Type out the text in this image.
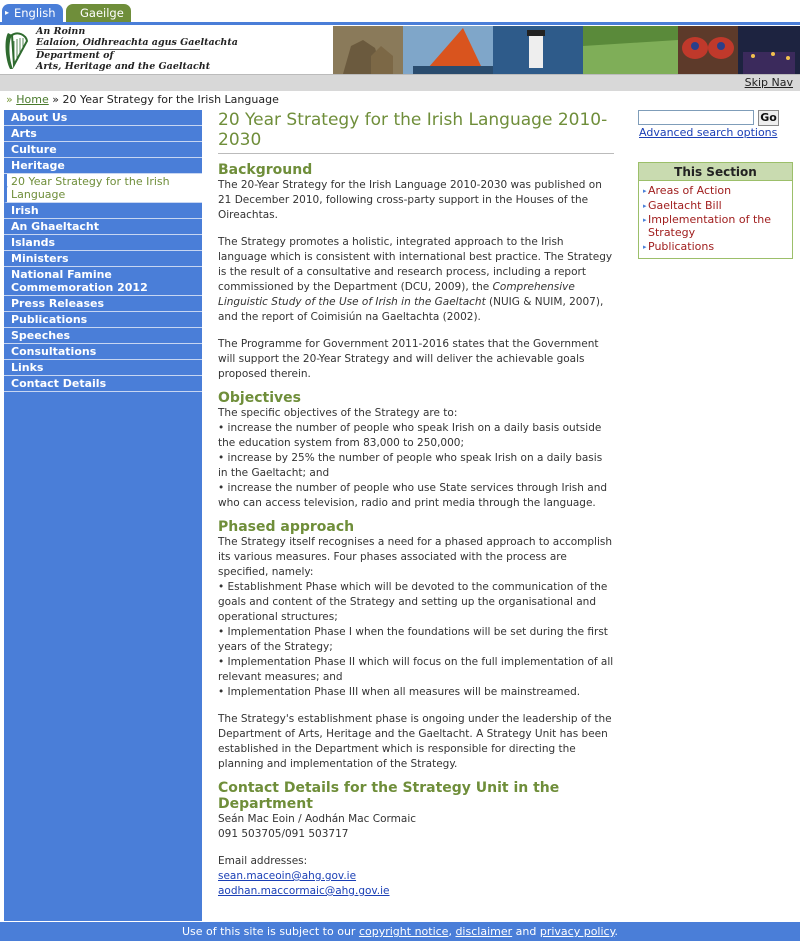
▸ English	Gaeilge
An Roinn
Ealaíon, Oidhreachta agus Gaeltachta
Department of
Arts, Heritage and the Gaeltacht
Skip Nav
» Home » 20 Year Strategy for the Irish Language
About Us
Arts
Culture
Heritage
▸ 20 Year Strategy for the Irish Language
Irish
An Ghaeltacht
Islands
Ministers
National Famine Commemoration 2012
Press Releases
Publications
Speeches
Consultations
Links
Contact Details
20 Year Strategy for the Irish Language 2010-2030
Background

The 20-Year Strategy for the Irish Language 2010-2030 was published on 21 December 2010, following cross-party support in the Houses of the Oireachtas.

The Strategy promotes a holistic, integrated approach to the Irish language which is consistent with international best practice. The Strategy is the result of a consultative and research process, including a report commissioned by the Department (DCU, 2009), the Comprehensive Linguistic Study of the Use of Irish in the Gaeltacht (NUIG & NUIM, 2007), and the report of Coimisiún na Gaeltachta (2002).

The Programme for Government 2011-2016 states that the Government will support the 20-Year Strategy and will deliver the achievable goals proposed therein.

Objectives
The specific objectives of the Strategy are to:
• increase the number of people who speak Irish on a daily basis outside the education system from 83,000 to 250,000;
• increase by 25% the number of people who speak Irish on a daily basis in the Gaeltacht; and
• increase the number of people who use State services through Irish and who can access television, radio and print media through the language.
Phased approach
The Strategy itself recognises a need for a phased approach to accomplish its various measures. Four phases associated with the process are specified, namely:
• Establishment Phase which will be devoted to the communication of the goals and content of the Strategy and setting up the organisational and operational structures;
• Implementation Phase I when the foundations will be set during the first years of the Strategy;
• Implementation Phase II which will focus on the full implementation of all relevant measures; and
• Implementation Phase III when all measures will be mainstreamed.

The Strategy's establishment phase is ongoing under the leadership of the Department of Arts, Heritage and the Gaeltacht. A Strategy Unit has been established in the Department which is responsible for directing the planning and implementation of the Strategy.

Contact Details for the Strategy Unit in the Department
Seán Mac Eoin / Aodhán Mac Cormaic
091 503705/091 503717
Email addresses:
sean.maceoin@ahg.gov.ie
aodhan.maccormaic@ahg.gov.ie
Go
Advanced search options
This Section
▸ Areas of Action
▸ Gaeltacht Bill
▸ Implementation of the Strategy
▸ Publications
Use of this site is subject to our copyright notice, disclaimer and privacy policy.
